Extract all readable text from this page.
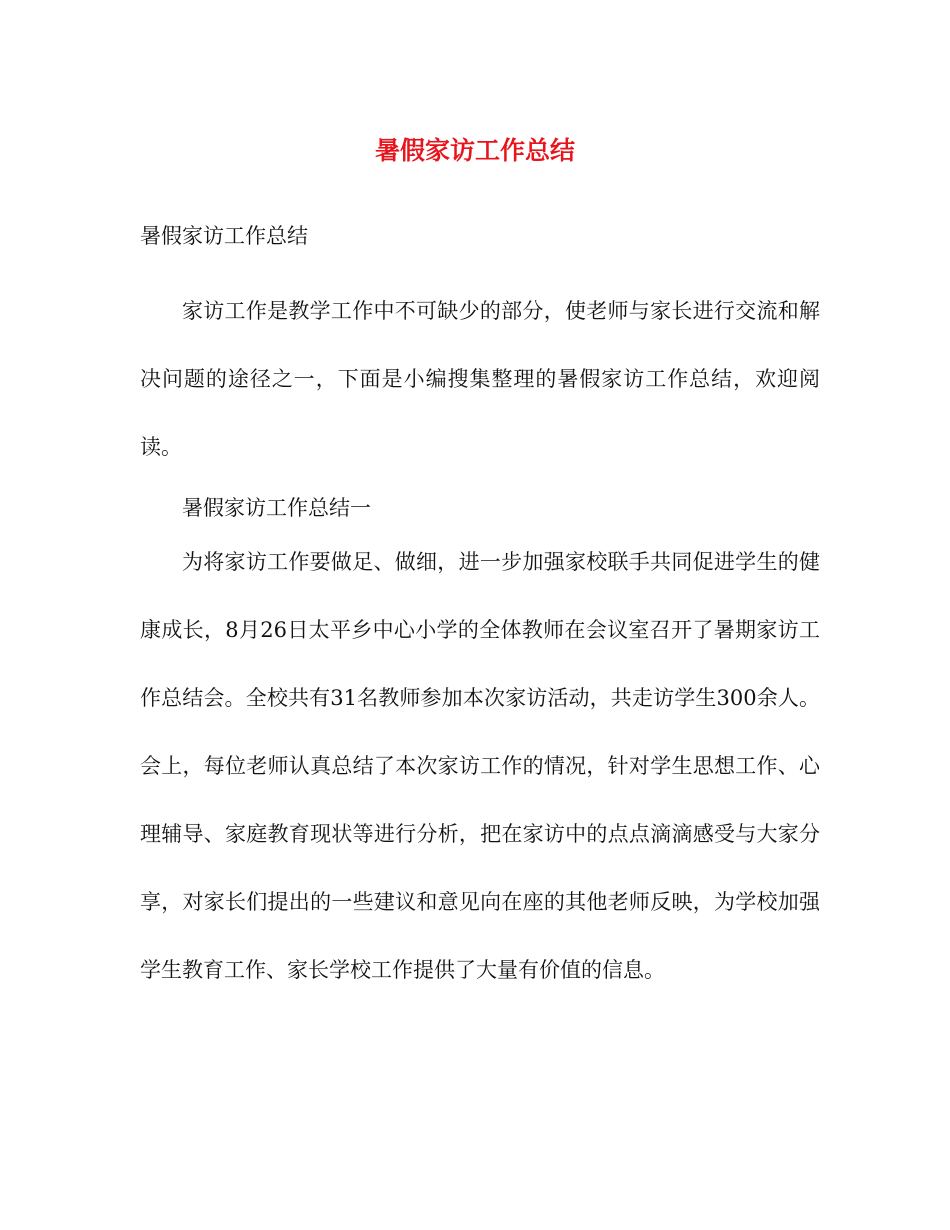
暑假家访工作总结

暑假家访工作总结

家访工作是教学工作中不可缺少的部分，使老师与家长进行交流和解决问题的途径之一，下面是小编搜集整理的暑假家访工作总结，欢迎阅读。

暑假家访工作总结一

为将家访工作要做足、做细，进一步加强家校联手共同促进学生的健康成长，8月26日太平乡中心小学的全体教师在会议室召开了暑期家访工作总结会。全校共有31名教师参加本次家访活动，共走访学生300余人。会上，每位老师认真总结了本次家访工作的情况，针对学生思想工作、心理辅导、家庭教育现状等进行分析，把在家访中的点点滴滴感受与大家分享，对家长们提出的一些建议和意见向在座的其他老师反映，为学校加强学生教育工作、家长学校工作提供了大量有价值的信息。
